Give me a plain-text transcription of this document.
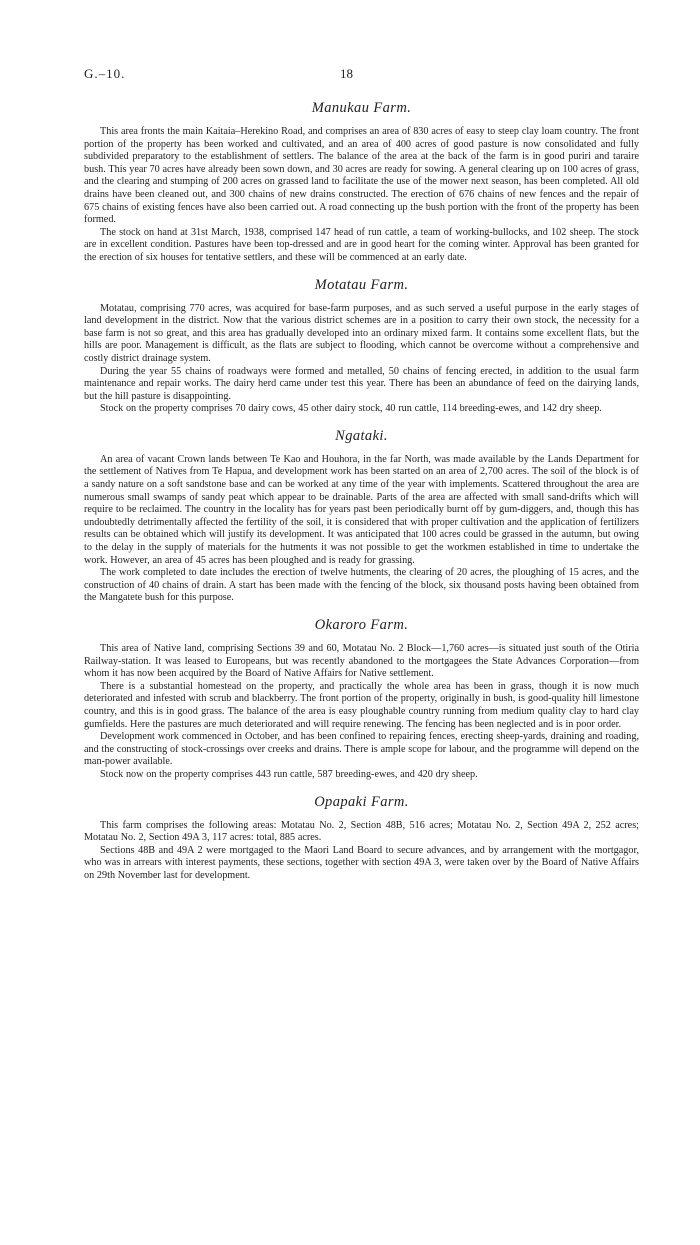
G.–10.	18
Manukau Farm.

This area fronts the main Kaitaia–Herekino Road, and comprises an area of 830 acres of easy to steep clay loam country. The front portion of the property has been worked and cultivated, and an area of 400 acres of good pasture is now consolidated and fully subdivided preparatory to the establishment of settlers. The balance of the area at the back of the farm is in good puriri and taraire bush. This year 70 acres have already been sown down, and 30 acres are ready for sowing. A general clearing up on 100 acres of grass, and the clearing and stumping of 200 acres on grassed land to facilitate the use of the mower next season, has been completed. All old drains have been cleaned out, and 300 chains of new drains constructed. The erection of 676 chains of new fences and the repair of 675 chains of existing fences have also been carried out. A road connecting up the bush portion with the front of the property has been formed.

The stock on hand at 31st March, 1938, comprised 147 head of run cattle, a team of working-bullocks, and 102 sheep. The stock are in excellent condition. Pastures have been top-dressed and are in good heart for the coming winter. Approval has been granted for the erection of six houses for tentative settlers, and these will be commenced at an early date.

Motatau Farm.

Motatau, comprising 770 acres, was acquired for base-farm purposes, and as such served a useful purpose in the early stages of land development in the district. Now that the various district schemes are in a position to carry their own stock, the necessity for a base farm is not so great, and this area has gradually developed into an ordinary mixed farm. It contains some excellent flats, but the hills are poor. Management is difficult, as the flats are subject to flooding, which cannot be overcome without a comprehensive and costly district drainage system.

During the year 55 chains of roadways were formed and metalled, 50 chains of fencing erected, in addition to the usual farm maintenance and repair works. The dairy herd came under test this year. There has been an abundance of feed on the dairying lands, but the hill pasture is disappointing.

Stock on the property comprises 70 dairy cows, 45 other dairy stock, 40 run cattle, 114 breeding-ewes, and 142 dry sheep.

Ngataki.

An area of vacant Crown lands between Te Kao and Houhora, in the far North, was made available by the Lands Department for the settlement of Natives from Te Hapua, and development work has been started on an area of 2,700 acres. The soil of the block is of a sandy nature on a soft sandstone base and can be worked at any time of the year with implements. Scattered throughout the area are numerous small swamps of sandy peat which appear to be drainable. Parts of the area are affected with small sand-drifts which will require to be reclaimed. The country in the locality has for years past been periodically burnt off by gum-diggers, and, though this has undoubtedly detrimentally affected the fertility of the soil, it is considered that with proper cultivation and the application of fertilizers results can be obtained which will justify its development. It was anticipated that 100 acres could be grassed in the autumn, but owing to the delay in the supply of materials for the hutments it was not possible to get the workmen established in time to undertake the work. However, an area of 45 acres has been ploughed and is ready for grassing.

The work completed to date includes the erection of twelve hutments, the clearing of 20 acres, the ploughing of 15 acres, and the construction of 40 chains of drain. A start has been made with the fencing of the block, six thousand posts having been obtained from the Mangatete bush for this purpose.

Okaroro Farm.

This area of Native land, comprising Sections 39 and 60, Motatau No. 2 Block—1,760 acres—is situated just south of the Otiria Railway-station. It was leased to Europeans, but was recently abandoned to the mortgagees the State Advances Corporation—from whom it has now been acquired by the Board of Native Affairs for Native settlement.

There is a substantial homestead on the property, and practically the whole area has been in grass, though it is now much deteriorated and infested with scrub and blackberry. The front portion of the property, originally in bush, is good-quality hill limestone country, and this is in good grass. The balance of the area is easy ploughable country running from medium quality clay to hard clay gumfields. Here the pastures are much deteriorated and will require renewing. The fencing has been neglected and is in poor order.

Development work commenced in October, and has been confined to repairing fences, erecting sheep-yards, draining and roading, and the constructing of stock-crossings over creeks and drains. There is ample scope for labour, and the programme will depend on the man-power available.

Stock now on the property comprises 443 run cattle, 587 breeding-ewes, and 420 dry sheep.

Opapaki Farm.

This farm comprises the following areas: Motatau No. 2, Section 48B, 516 acres; Motatau No. 2, Section 49A 2, 252 acres; Motatau No. 2, Section 49A 3, 117 acres: total, 885 acres.

Sections 48B and 49A 2 were mortgaged to the Maori Land Board to secure advances, and by arrangement with the mortgagor, who was in arrears with interest payments, these sections, together with section 49A 3, were taken over by the Board of Native Affairs on 29th November last for development.
